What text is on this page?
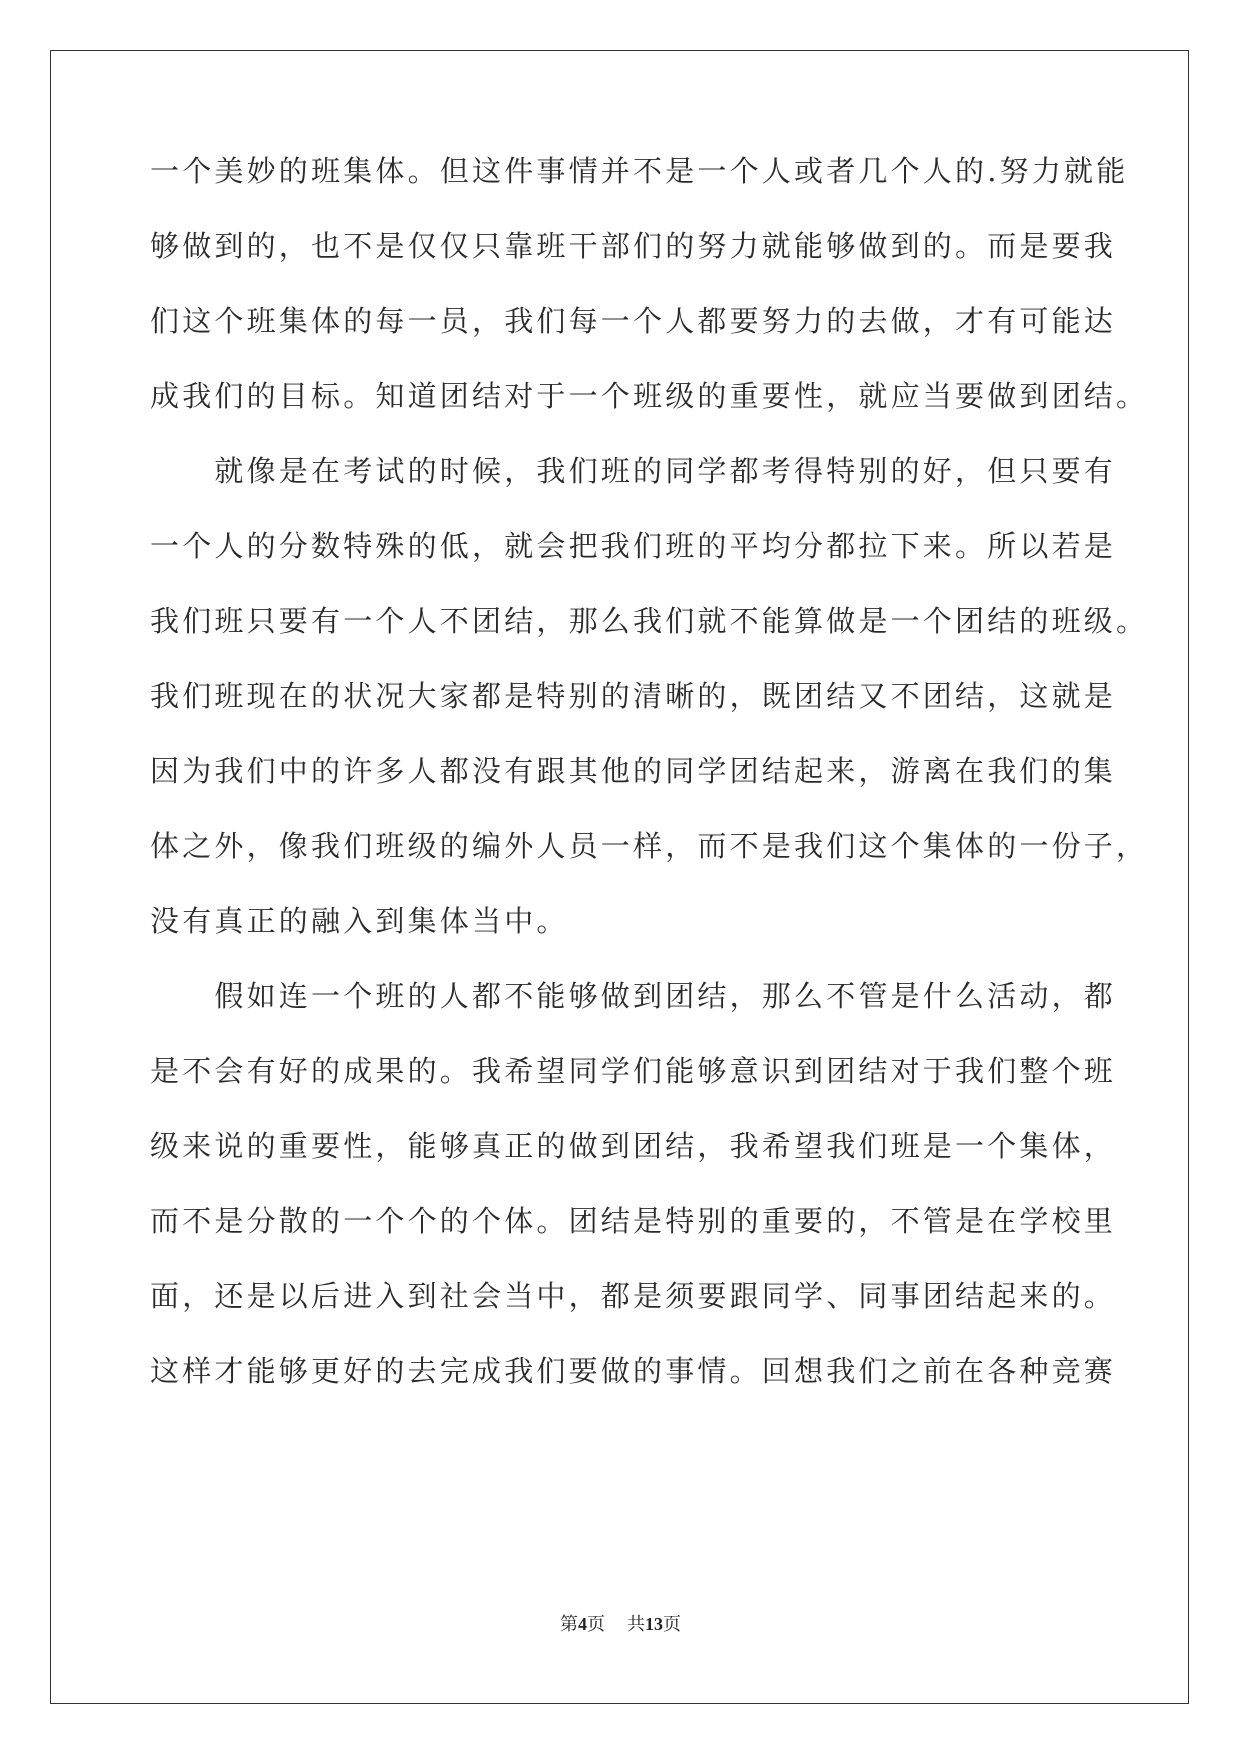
一个美妙的班集体。但这件事情并不是一个人或者几个人的.努力就能
够做到的，也不是仅仅只靠班干部们的努力就能够做到的。而是要我
们这个班集体的每一员，我们每一个人都要努力的去做，才有可能达
成我们的目标。知道团结对于一个班级的重要性，就应当要做到团结。
　　就像是在考试的时候，我们班的同学都考得特别的好，但只要有
一个人的分数特殊的低，就会把我们班的平均分都拉下来。所以若是
我们班只要有一个人不团结，那么我们就不能算做是一个团结的班级。
我们班现在的状况大家都是特别的清晰的，既团结又不团结，这就是
因为我们中的许多人都没有跟其他的同学团结起来，游离在我们的集
体之外，像我们班级的编外人员一样，而不是我们这个集体的一份子，
没有真正的融入到集体当中。
　　假如连一个班的人都不能够做到团结，那么不管是什么活动，都
是不会有好的成果的。我希望同学们能够意识到团结对于我们整个班
级来说的重要性，能够真正的做到团结，我希望我们班是一个集体，
而不是分散的一个个的个体。团结是特别的重要的，不管是在学校里
面，还是以后进入到社会当中，都是须要跟同学、同事团结起来的。
这样才能够更好的去完成我们要做的事情。回想我们之前在各种竞赛
第4页 共13页
